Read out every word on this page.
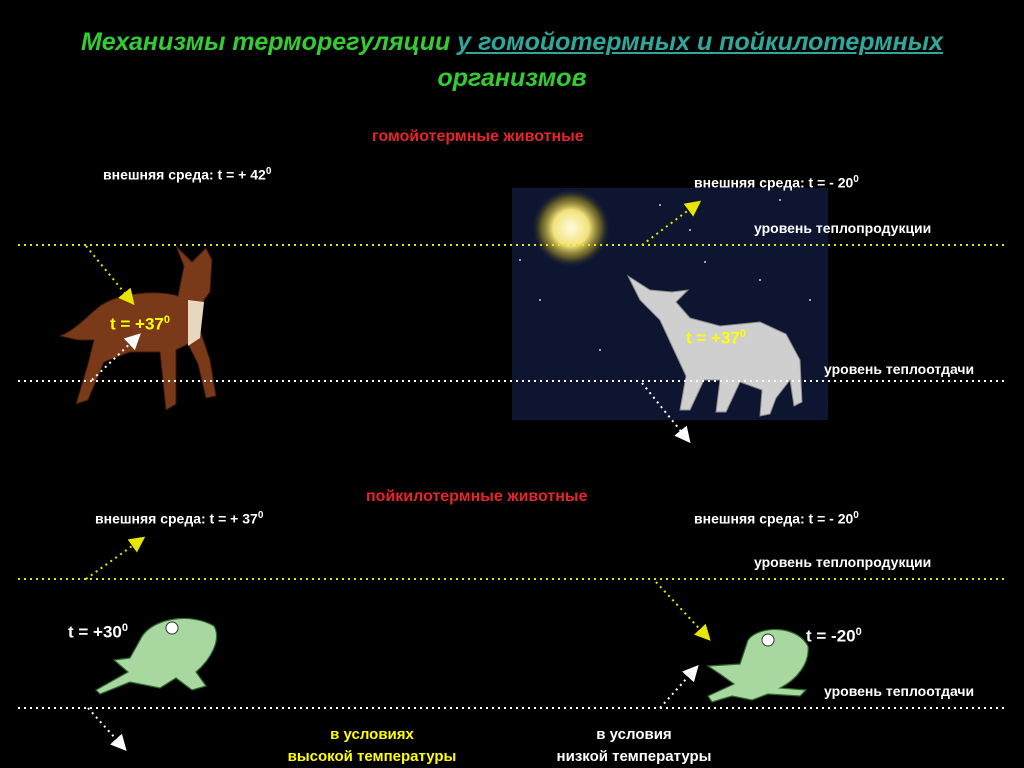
Механизмы терморегуляции у гомойотермных и пойкилотермных
организмов
гомойотермные животные
внешняя среда: t = + $42^0$
внешняя среда: t = - $20^0$
уровень теплопродукции
уровень теплоотдачи
$t = +37^0$
$t = +37^0$
пойкилотермные животные
внешняя среда: t = + $37^0$	внешняя среда: t = - $20^0$
уровень теплопродукции
уровень теплоотдачи
$t = +30^0$	$t = -20^0$
в условиях
высокой температуры
в условия
низкой температуры
